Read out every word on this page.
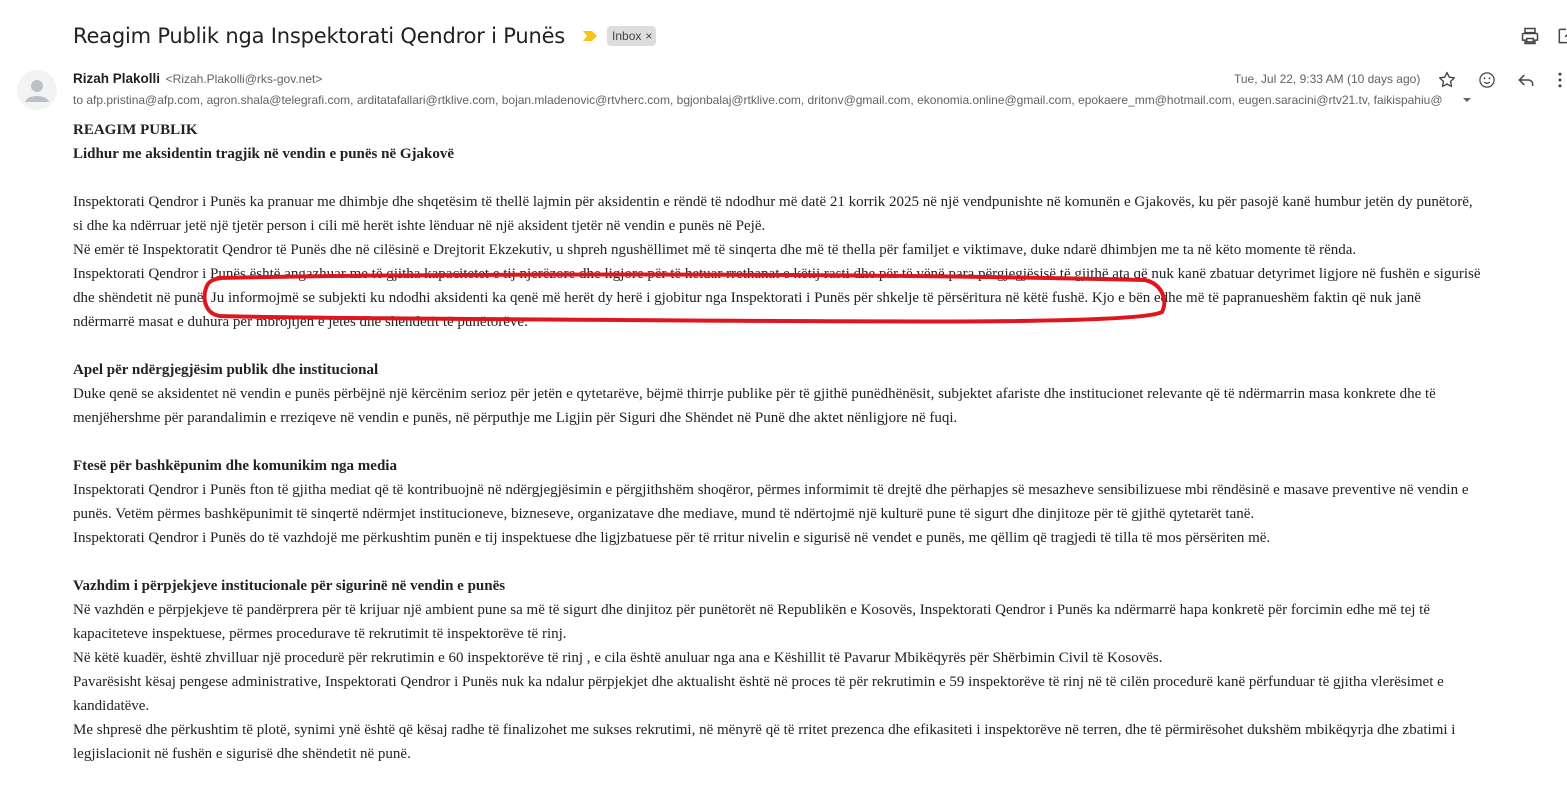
Reagim Publik nga Inspektorati Qendror i Punës	Inbox ×
Rizah Plakolli <Rizah.Plakolli@rks-gov.net>	Tue, Jul 22, 9:33 AM (10 days ago)
to afp.pristina@afp.com, agron.shala@telegrafi.com, arditatafallari@rtklive.com, bojan.mladenovic@rtvherc.com, bgjonbalaj@rtklive.com, dritonv@gmail.com, ekonomia.online@gmail.com, epokaere_mm@hotmail.com, eugen.saracini@rtv21.tv, faikispahiu@

REAGIM PUBLIK

Lidhur me aksidentin tragjik në vendin e punës në Gjakovë

Inspektorati Qendror i Punës ka pranuar me dhimbje dhe shqetësim të thellë lajmin për aksidentin e rëndë të ndodhur më datë 21 korrik 2025 në një vendpunishte në komunën e Gjakovës, ku për pasojë kanë humbur jetën dy punëtorë,

si dhe ka ndërruar jetë një tjetër person i cili më herët ishte lënduar në një aksident tjetër në vendin e punës në Pejë.

Në emër të Inspektoratit Qendror të Punës dhe në cilësinë e Drejtorit Ekzekutiv, u shpreh ngushëllimet më të sinqerta dhe më të thella për familjet e viktimave, duke ndarë dhimbjen me ta në këto momente të rënda.

Inspektorati Qendror i Punës është angazhuar me të gjitha kapacitetet e tij njerëzore dhe ligjore për të hetuar rrethanat e këtij rasti dhe për të vënë para përgjegjësisë të gjithë ata që nuk kanë zbatuar detyrimet ligjore në fushën e sigurisë

dhe shëndetit në punë. Ju informojmë se subjekti ku ndodhi aksidenti ka qenë më herët dy herë i gjobitur nga Inspektorati i Punës për shkelje të përsëritura në këtë fushë. Kjo e bën edhe më të papranueshëm faktin që nuk janë

ndërmarrë masat e duhura për mbrojtjen e jetës dhe shëndetit të punëtorëve.

Apel për ndërgjegjësim publik dhe institucional

Duke qenë se aksidentet në vendin e punës përbëjnë një kërcënim serioz për jetën e qytetarëve, bëjmë thirrje publike për të gjithë punëdhënësit, subjektet afariste dhe institucionet relevante që të ndërmarrin masa konkrete dhe të

menjëhershme për parandalimin e rreziqeve në vendin e punës, në përputhje me Ligjin për Siguri dhe Shëndet në Punë dhe aktet nënligjore në fuqi.

Ftesë për bashkëpunim dhe komunikim nga media

Inspektorati Qendror i Punës fton të gjitha mediat që të kontribuojnë në ndërgjegjësimin e përgjithshëm shoqëror, përmes informimit të drejtë dhe përhapjes së mesazheve sensibilizuese mbi rëndësinë e masave preventive në vendin e

punës. Vetëm përmes bashkëpunimit të sinqertë ndërmjet institucioneve, bizneseve, organizatave dhe mediave, mund të ndërtojmë një kulturë pune të sigurt dhe dinjitoze për të gjithë qytetarët tanë.

Inspektorati Qendror i Punës do të vazhdojë me përkushtim punën e tij inspektuese dhe ligjzbatuese për të rritur nivelin e sigurisë në vendet e punës, me qëllim që tragjedi të tilla të mos përsëriten më.

Vazhdim i përpjekjeve institucionale për sigurinë në vendin e punës

Në vazhdën e përpjekjeve të pandërprera për të krijuar një ambient pune sa më të sigurt dhe dinjitoz për punëtorët në Republikën e Kosovës, Inspektorati Qendror i Punës ka ndërmarrë hapa konkretë për forcimin edhe më tej të

kapaciteteve inspektuese, përmes procedurave të rekrutimit të inspektorëve të rinj.

Në këtë kuadër, është zhvilluar një procedurë për rekrutimin e 60 inspektorëve të rinj , e cila është anuluar nga ana e Këshillit të Pavarur Mbikëqyrës për Shërbimin Civil të Kosovës.

Pavarësisht kësaj pengese administrative, Inspektorati Qendror i Punës nuk ka ndalur përpjekjet dhe aktualisht është në proces të për rekrutimin e 59 inspektorëve të rinj në të cilën procedurë kanë përfunduar të gjitha vlerësimet e

kandidatëve.

Me shpresë dhe përkushtim të plotë, synimi ynë është që kësaj radhe të finalizohet me sukses rekrutimi, në mënyrë që të rritet prezenca dhe efikasiteti i inspektorëve në terren, dhe të përmirësohet dukshëm mbikëqyrja dhe zbatimi i

legjislacionit në fushën e sigurisë dhe shëndetit në punë.
